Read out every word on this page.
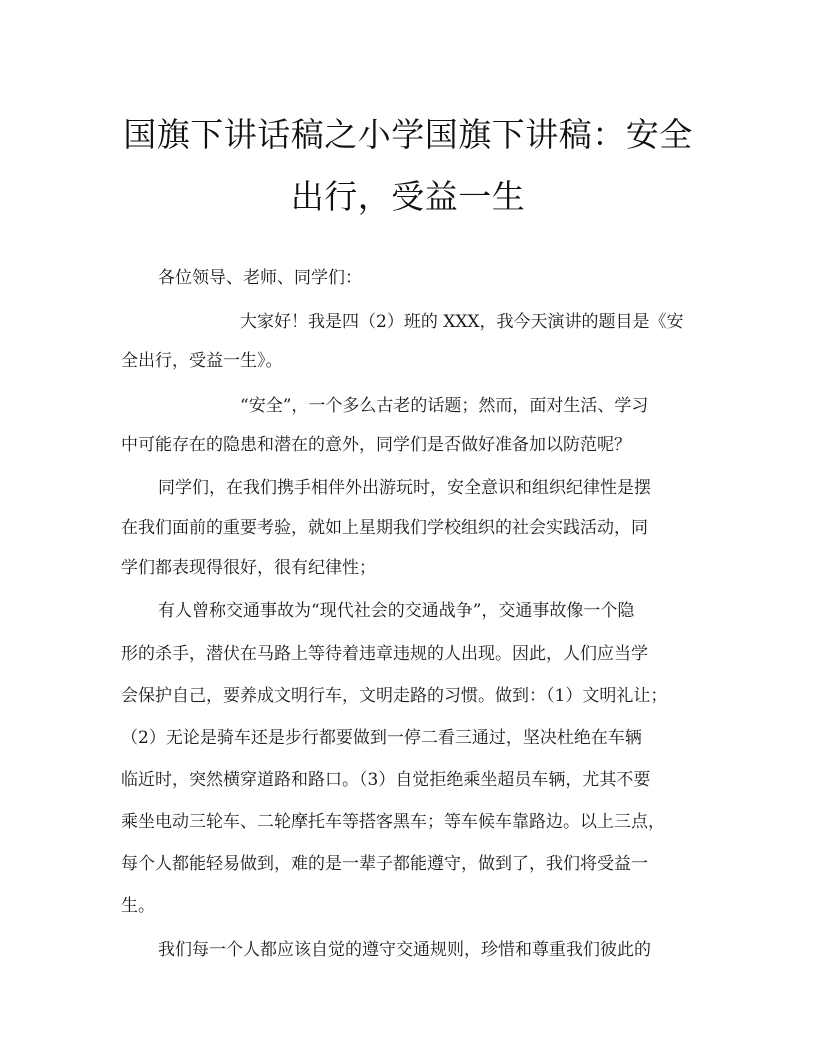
国旗下讲话稿之小学国旗下讲稿：安全
出行，受益一生
各位领导、老师、同学们：
大家好！我是四（2）班的 XXX，我今天演讲的题目是《安
全出行，受益一生》。
“安全”，一个多么古老的话题；然而，面对生活、学习
中可能存在的隐患和潜在的意外，同学们是否做好准备加以防范呢？
同学们，在我们携手相伴外出游玩时，安全意识和组织纪律性是摆
在我们面前的重要考验，就如上星期我们学校组织的社会实践活动，同
学们都表现得很好，很有纪律性；
有人曾称交通事故为“现代社会的交通战争”，交通事故像一个隐
形的杀手，潜伏在马路上等待着违章违规的人出现。因此，人们应当学
会保护自己，要养成文明行车，文明走路的习惯。做到：（1）文明礼让；
（2）无论是骑车还是步行都要做到一停二看三通过，坚决杜绝在车辆
临近时，突然横穿道路和路口。（3）自觉拒绝乘坐超员车辆，尤其不要
乘坐电动三轮车、二轮摩托车等搭客黑车；等车候车靠路边。以上三点，
每个人都能轻易做到，难的是一辈子都能遵守，做到了，我们将受益一
生。
我们每一个人都应该自觉的遵守交通规则，珍惜和尊重我们彼此的
